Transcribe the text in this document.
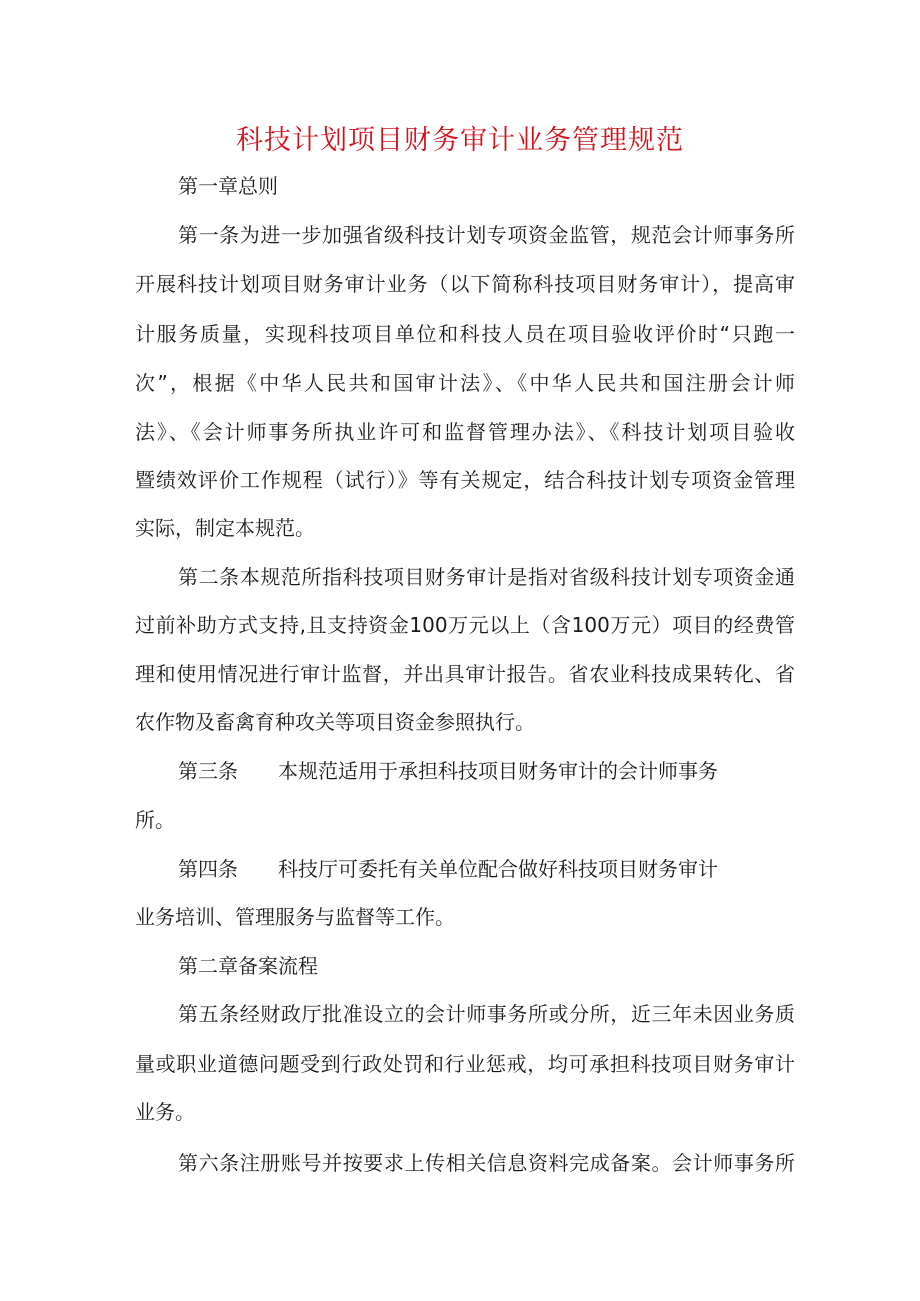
科技计划项目财务审计业务管理规范
第一章总则
第一条为进一步加强省级科技计划专项资金监管，规范会计师事务所
开展科技计划项目财务审计业务（以下简称科技项目财务审计），提高审
计服务质量，实现科技项目单位和科技人员在项目验收评价时“只跑一
次”，根据《中华人民共和国审计法》、《中华人民共和国注册会计师
法》、《会计师事务所执业许可和监督管理办法》、《科技计划项目验收
暨绩效评价工作规程（试行）》等有关规定，结合科技计划专项资金管理
实际，制定本规范。
第二条本规范所指科技项目财务审计是指对省级科技计划专项资金通
过前补助方式支持,且支持资金100万元以上（含100万元）项目的经费管
理和使用情况进行审计监督，并出具审计报告。省农业科技成果转化、省
农作物及畜禽育种攻关等项目资金参照执行。
第三条 本规范适用于承担科技项目财务审计的会计师事务
所。
第四条 科技厅可委托有关单位配合做好科技项目财务审计
业务培训、管理服务与监督等工作。
第二章备案流程
第五条经财政厅批准设立的会计师事务所或分所，近三年未因业务质
量或职业道德问题受到行政处罚和行业惩戒，均可承担科技项目财务审计
业务。
第六条注册账号并按要求上传相关信息资料完成备案。会计师事务所
